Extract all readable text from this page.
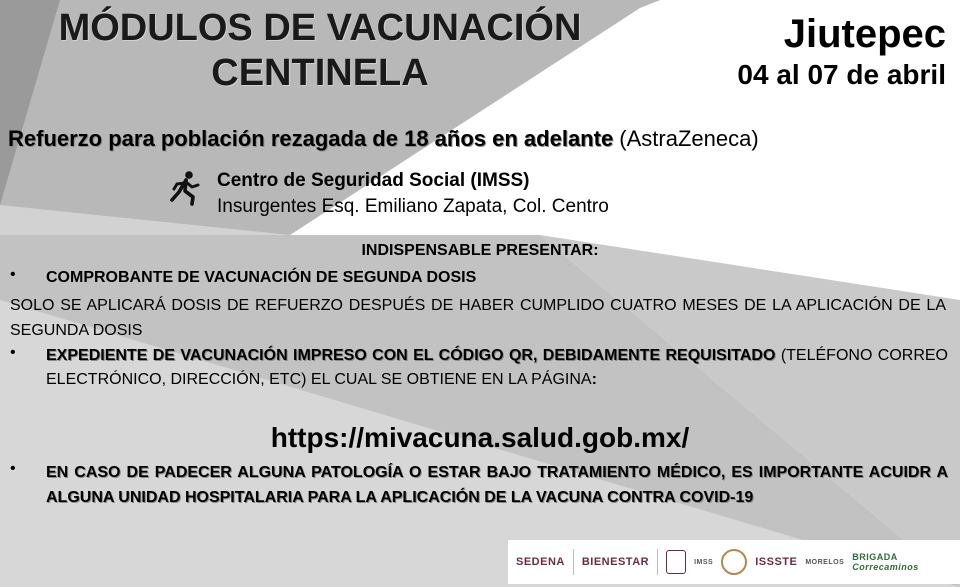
MÓDULOS DE VACUNACIÓN
CENTINELA
Jiutepec
04 al 07 de abril
Refuerzo para población rezagada de 18 años en adelante (AstraZeneca)
Centro de Seguridad Social (IMSS)
Insurgentes Esq. Emiliano Zapata, Col. Centro
INDISPENSABLE PRESENTAR:
• COMPROBANTE DE VACUNACIÓN DE SEGUNDA DOSIS
SOLO SE APLICARÁ DOSIS DE REFUERZO DESPUÉS DE HABER CUMPLIDO CUATRO MESES DE LA APLICACIÓN DE LA SEGUNDA DOSIS
• EXPEDIENTE DE VACUNACIÓN IMPRESO CON EL CÓDIGO QR, DEBIDAMENTE REQUISITADO (TELÉFONO CORREO ELECTRÓNICO, DIRECCIÓN, ETC) EL CUAL SE OBTIENE EN LA PÁGINA:
https://mivacuna.salud.gob.mx/
• EN CASO DE PADECER ALGUNA PATOLOGÍA O ESTAR BAJO TRATAMIENTO MÉDICO, ES IMPORTANTE ACUIDR A ALGUNA UNIDAD HOSPITALARIA PARA LA APLICACIÓN DE LA VACUNA CONTRA COVID-19
SEDENA BIENESTAR	IMSS	ISSSTE MORELOS BRIGADA
Correcaminos
